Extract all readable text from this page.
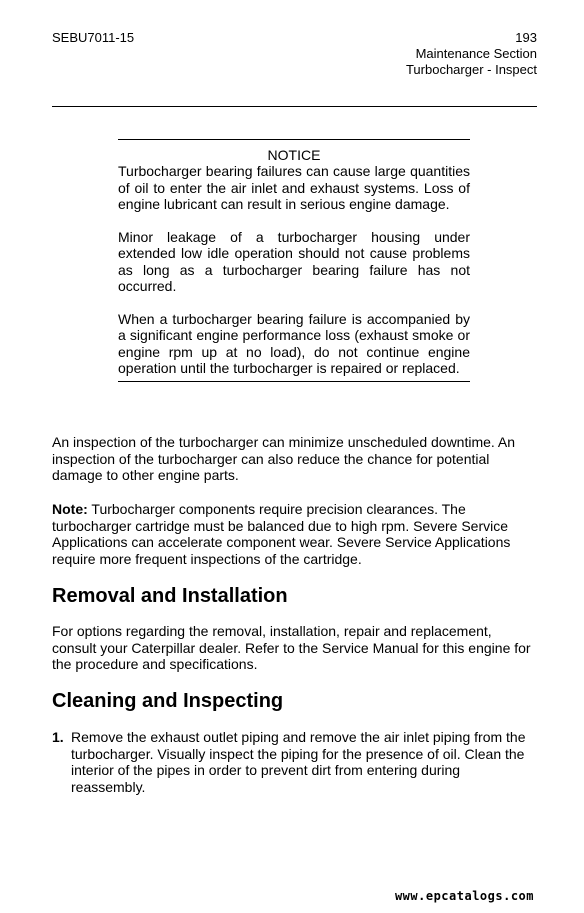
SEBU7011-15	193
Maintenance Section
Turbocharger - Inspect
NOTICE

Turbocharger bearing failures can cause large quantities of oil to enter the air inlet and exhaust systems. Loss of engine lubricant can result in serious engine damage.

Minor leakage of a turbocharger housing under extended low idle operation should not cause problems as long as a turbocharger bearing failure has not occurred.

When a turbocharger bearing failure is accompanied by a significant engine performance loss (exhaust smoke or engine rpm up at no load), do not continue engine operation until the turbocharger is repaired or replaced.

An inspection of the turbocharger can minimize unscheduled downtime. An inspection of the turbocharger can also reduce the chance for potential damage to other engine parts.

Note: Turbocharger components require precision clearances. The turbocharger cartridge must be balanced due to high rpm. Severe Service Applications can accelerate component wear. Severe Service Applications require more frequent inspections of the cartridge.

Removal and Installation

For options regarding the removal, installation, repair and replacement, consult your Caterpillar dealer. Refer to the Service Manual for this engine for the procedure and specifications.

Cleaning and Inspecting
1. Remove the exhaust outlet piping and remove the air inlet piping from the turbocharger. Visually inspect the piping for the presence of oil. Clean the interior of the pipes in order to prevent dirt from entering during reassembly.
www.epcatalogs.com
